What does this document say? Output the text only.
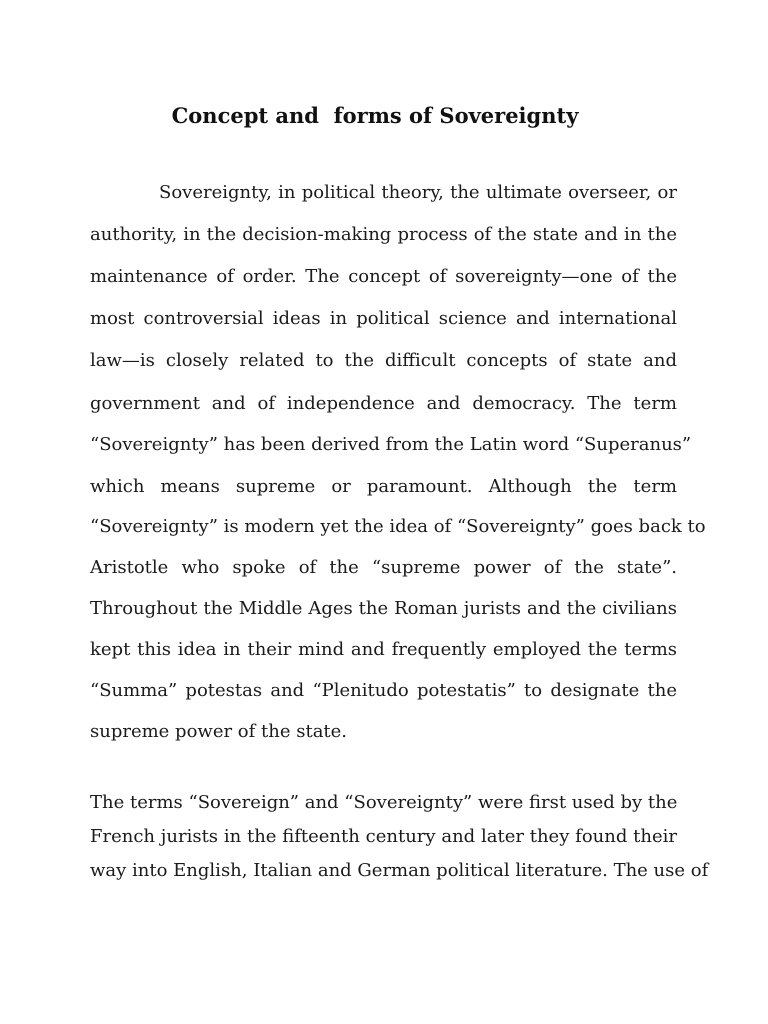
Concept and  forms of Sovereignty
Sovereignty, in political theory, the ultimate overseer, or
authority, in the decision-making process of the state and in the
maintenance of order. The concept of sovereignty—one of the
most controversial ideas in political science and international
law—is closely related to the difficult concepts of state and
government and of independence and democracy. The term
“Sovereignty” has been derived from the Latin word “Superanus”
which means supreme or paramount. Although the term
“Sovereignty” is modern yet the idea of “Sovereignty” goes back to
Aristotle who spoke of the “supreme power of the state”.
Throughout the Middle Ages the Roman jurists and the civilians
kept this idea in their mind and frequently employed the terms
“Summa” potestas and “Plenitudo potestatis” to designate the
supreme power of the state.
The terms “Sovereign” and “Sovereignty” were first used by the
French jurists in the fifteenth century and later they found their
way into English, Italian and German political literature. The use of
